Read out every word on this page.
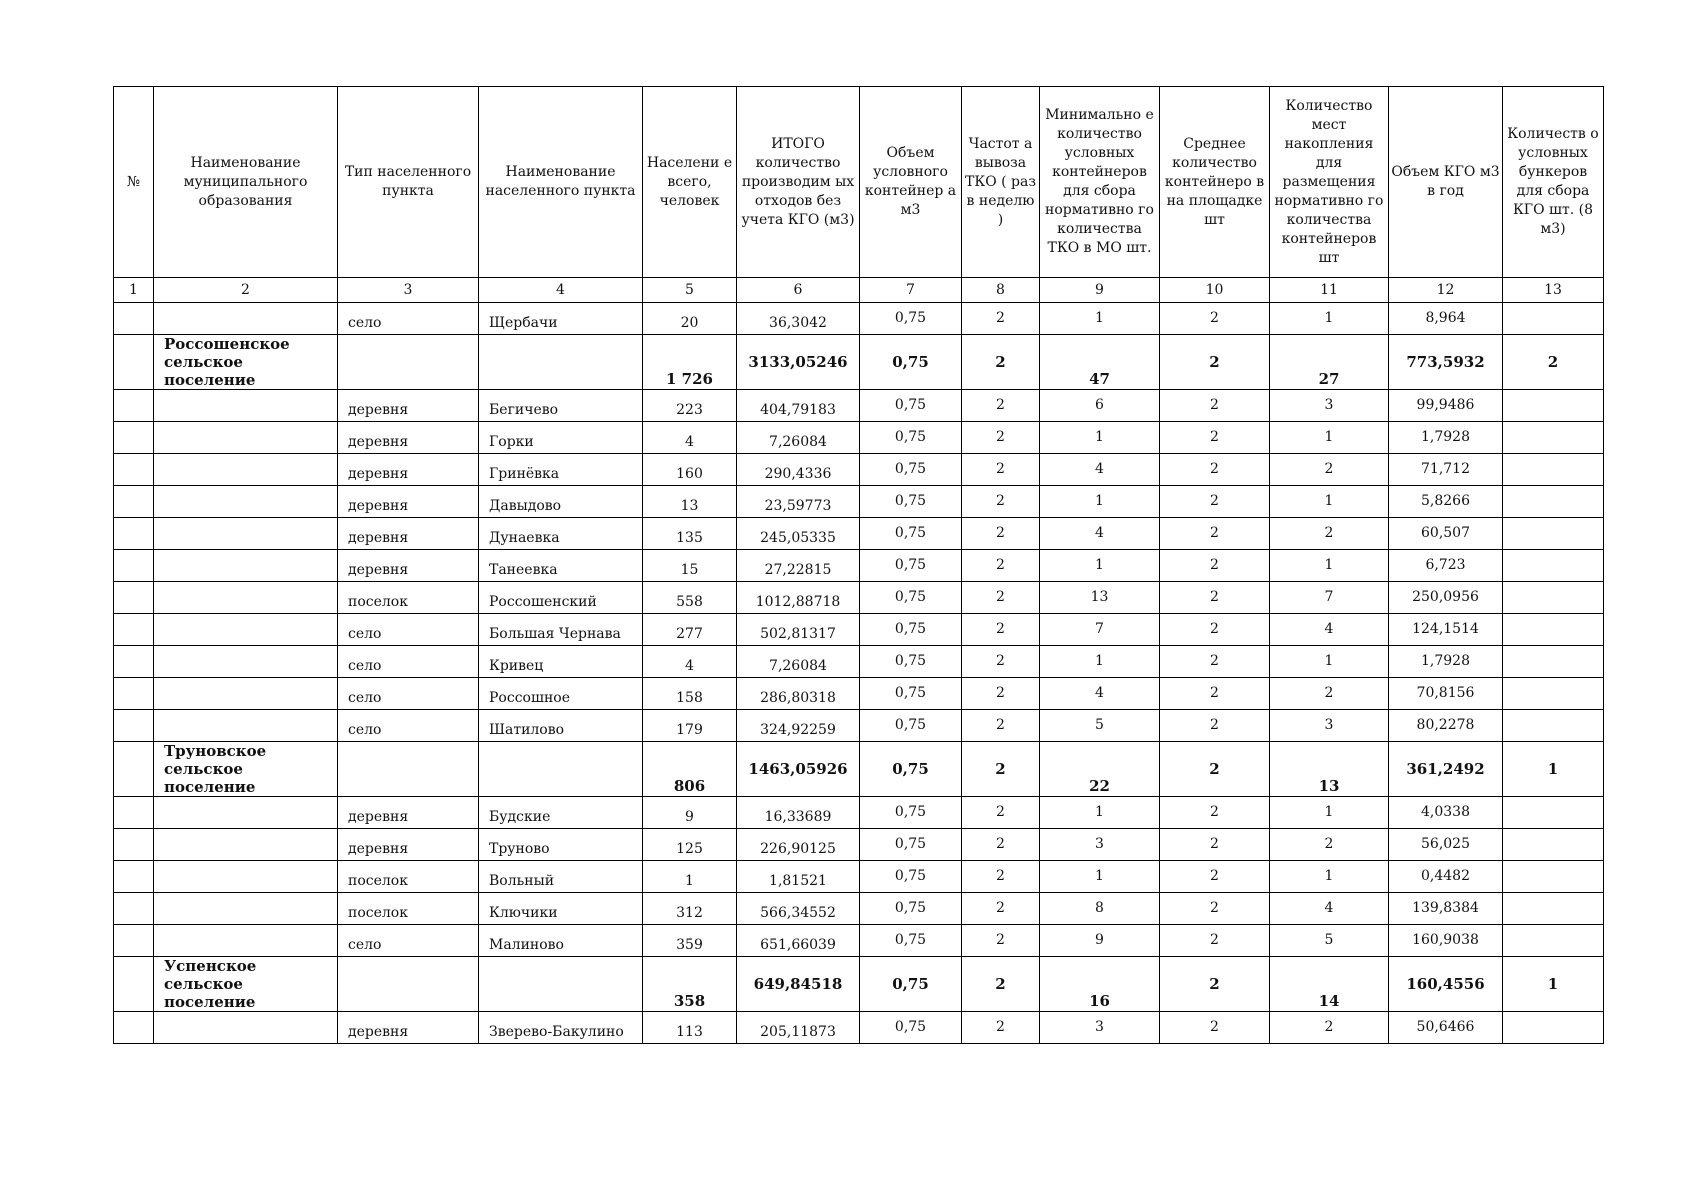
№	Наименование муниципального образования	Тип населенного пункта	Наименование населенного пункта	Населени е всего, человек	ИТОГО количество производим ых отходов без учета КГО (м3)	Объем условного контейнер а м3	Частот а вывоза ТКО ( раз в неделю )	Минимально е количество условных контейнеров для сбора нормативно го количества ТКО в МО шт.	Среднее количество контейнеро в на площадке шт	Количество мест накопления для размещения нормативно го количества контейнеров шт	Объем КГО м3 в год	Количеств о условных бункеров для сбора КГО шт. (8 м3)
1	2	3	4	5	6	7	8	9	10	11	12	13
		село	Щербачи	20	36,3042	0,75	2	1	2	1	8,964	
	Россошенское сельское поселение			1 726	3133,05246	0,75	2	47	2	27	773,5932	2
		деревня	Бегичево	223	404,79183	0,75	2	6	2	3	99,9486	
		деревня	Горки	4	7,26084	0,75	2	1	2	1	1,7928	
		деревня	Гринёвка	160	290,4336	0,75	2	4	2	2	71,712	
		деревня	Давыдово	13	23,59773	0,75	2	1	2	1	5,8266	
		деревня	Дунаевка	135	245,05335	0,75	2	4	2	2	60,507	
		деревня	Танеевка	15	27,22815	0,75	2	1	2	1	6,723	
		поселок	Россошенский	558	1012,88718	0,75	2	13	2	7	250,0956	
		село	Большая Чернава	277	502,81317	0,75	2	7	2	4	124,1514	
		село	Кривец	4	7,26084	0,75	2	1	2	1	1,7928	
		село	Россошное	158	286,80318	0,75	2	4	2	2	70,8156	
		село	Шатилово	179	324,92259	0,75	2	5	2	3	80,2278	
	Труновское сельское поселение			806	1463,05926	0,75	2	22	2	13	361,2492	1
		деревня	Будские	9	16,33689	0,75	2	1	2	1	4,0338	
		деревня	Труново	125	226,90125	0,75	2	3	2	2	56,025	
		поселок	Вольный	1	1,81521	0,75	2	1	2	1	0,4482	
		поселок	Ключики	312	566,34552	0,75	2	8	2	4	139,8384	
		село	Малиново	359	651,66039	0,75	2	9	2	5	160,9038	
	Успенское сельское поселение			358	649,84518	0,75	2	16	2	14	160,4556	1
		деревня	Зверево-Бакулино	113	205,11873	0,75	2	3	2	2	50,6466	
